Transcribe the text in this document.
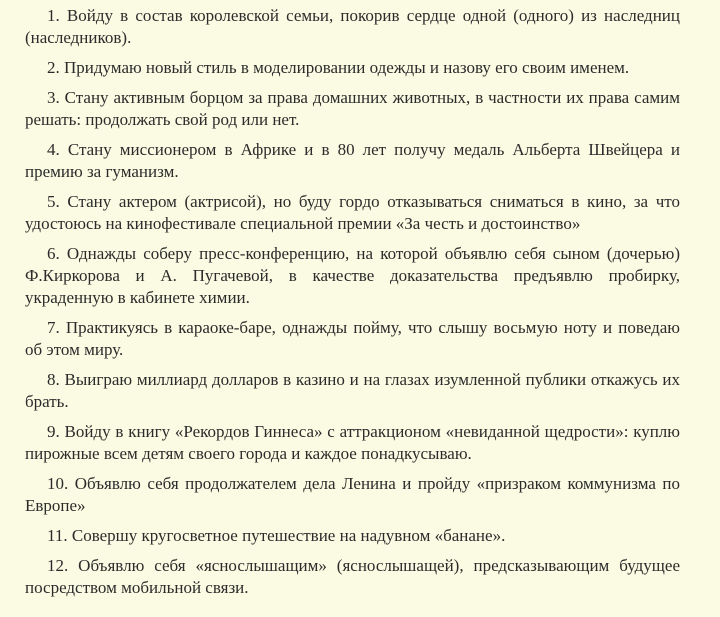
1. Войду в состав королевской семьи, покорив сердце одной (одного) из наследниц (наследников).

2. Придумаю новый стиль в моделировании одежды и назову его своим именем.

3. Стану активным борцом за права домашних животных, в частности их права самим решать: продолжать свой род или нет.

4. Стану миссионером в Африке и в 80 лет получу медаль Альберта Швейцера и премию за гуманизм.

5. Стану актером (актрисой), но буду гордо отказываться сниматься в кино, за что удостоюсь на кинофестивале специальной премии «За честь и достоинство»

6. Однажды соберу пресс-конференцию, на которой объявлю себя сыном (дочерью) Ф.Киркорова и А. Пугачевой, в качестве доказательства предъявлю пробирку, украденную в кабинете химии.

7. Практикуясь в караоке-баре, однажды пойму, что слышу восьмую ноту и поведаю об этом миру.

8. Выиграю миллиард долларов в казино и на глазах изумленной публики откажусь их брать.

9. Войду в книгу «Рекордов Гиннеса» с аттракционом «невиданной щедрости»: куплю пирожные всем детям своего города и каждое понадкусываю.

10. Объявлю себя продолжателем дела Ленина и пройду «призраком коммунизма по Европе»

11. Совершу кругосветное путешествие на надувном «банане».

12. Объявлю себя «яснослышащим» (яснослышащей), предсказывающим будущее посредством мобильной связи.
